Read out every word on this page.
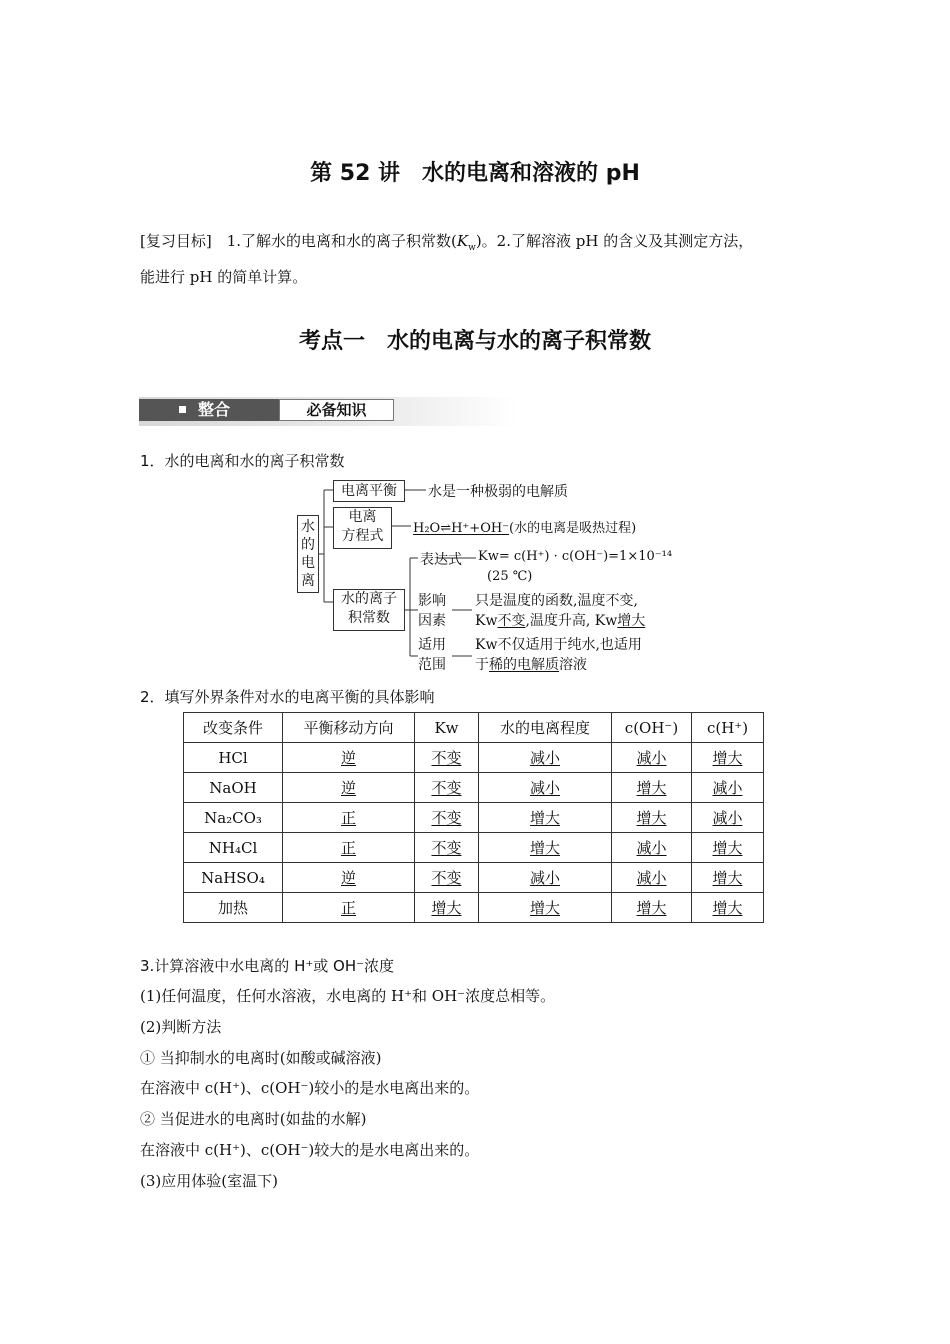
第 52 讲　水的电离和溶液的 pH
[复习目标]　1.了解水的电离和水的离子积常数$(K_w)$。2.了解溶液 pH 的含义及其测定方法，
能进行 pH 的简单计算。
考点一　水的电离与水的离子积常数
整合	必备知识
1．水的电离和水的离子积常数
水的电离
电离平衡	水是一种极弱的电解质
电离
方程式	H₂O⇌H⁺+OH⁻(水的电离是吸热过程)
水的离子
积常数
表达式 Kw= c(H⁺) · c(OH⁻)=1×10⁻¹⁴
(25 ℃)
影响
因素
只是温度的函数,温度不变,
Kw不变,温度升高, Kw增大
适用
范围
Kw不仅适用于纯水,也适用
于稀的电解质溶液
2．填写外界条件对水的电离平衡的具体影响
改变条件	平衡移动方向	Kw	水的电离程度	c(OH⁻)	c(H⁺)
HCl	逆	不变	减小	减小	增大
NaOH	逆	不变	减小	增大	减小
Na₂CO₃	正	不变	增大	增大	减小
NH₄Cl	正	不变	增大	减小	增大
NaHSO₄	逆	不变	减小	减小	增大
加热	正	增大	增大	增大	增大
3.计算溶液中水电离的 H⁺或 OH⁻浓度
(1)任何温度，任何水溶液，水电离的 H⁺和 OH⁻浓度总相等。
(2)判断方法
① 当抑制水的电离时(如酸或碱溶液)
在溶液中 c(H⁺)、c(OH⁻)较小的是水电离出来的。
② 当促进水的电离时(如盐的水解)
在溶液中 c(H⁺)、c(OH⁻)较大的是水电离出来的。
(3)应用体验(室温下)
